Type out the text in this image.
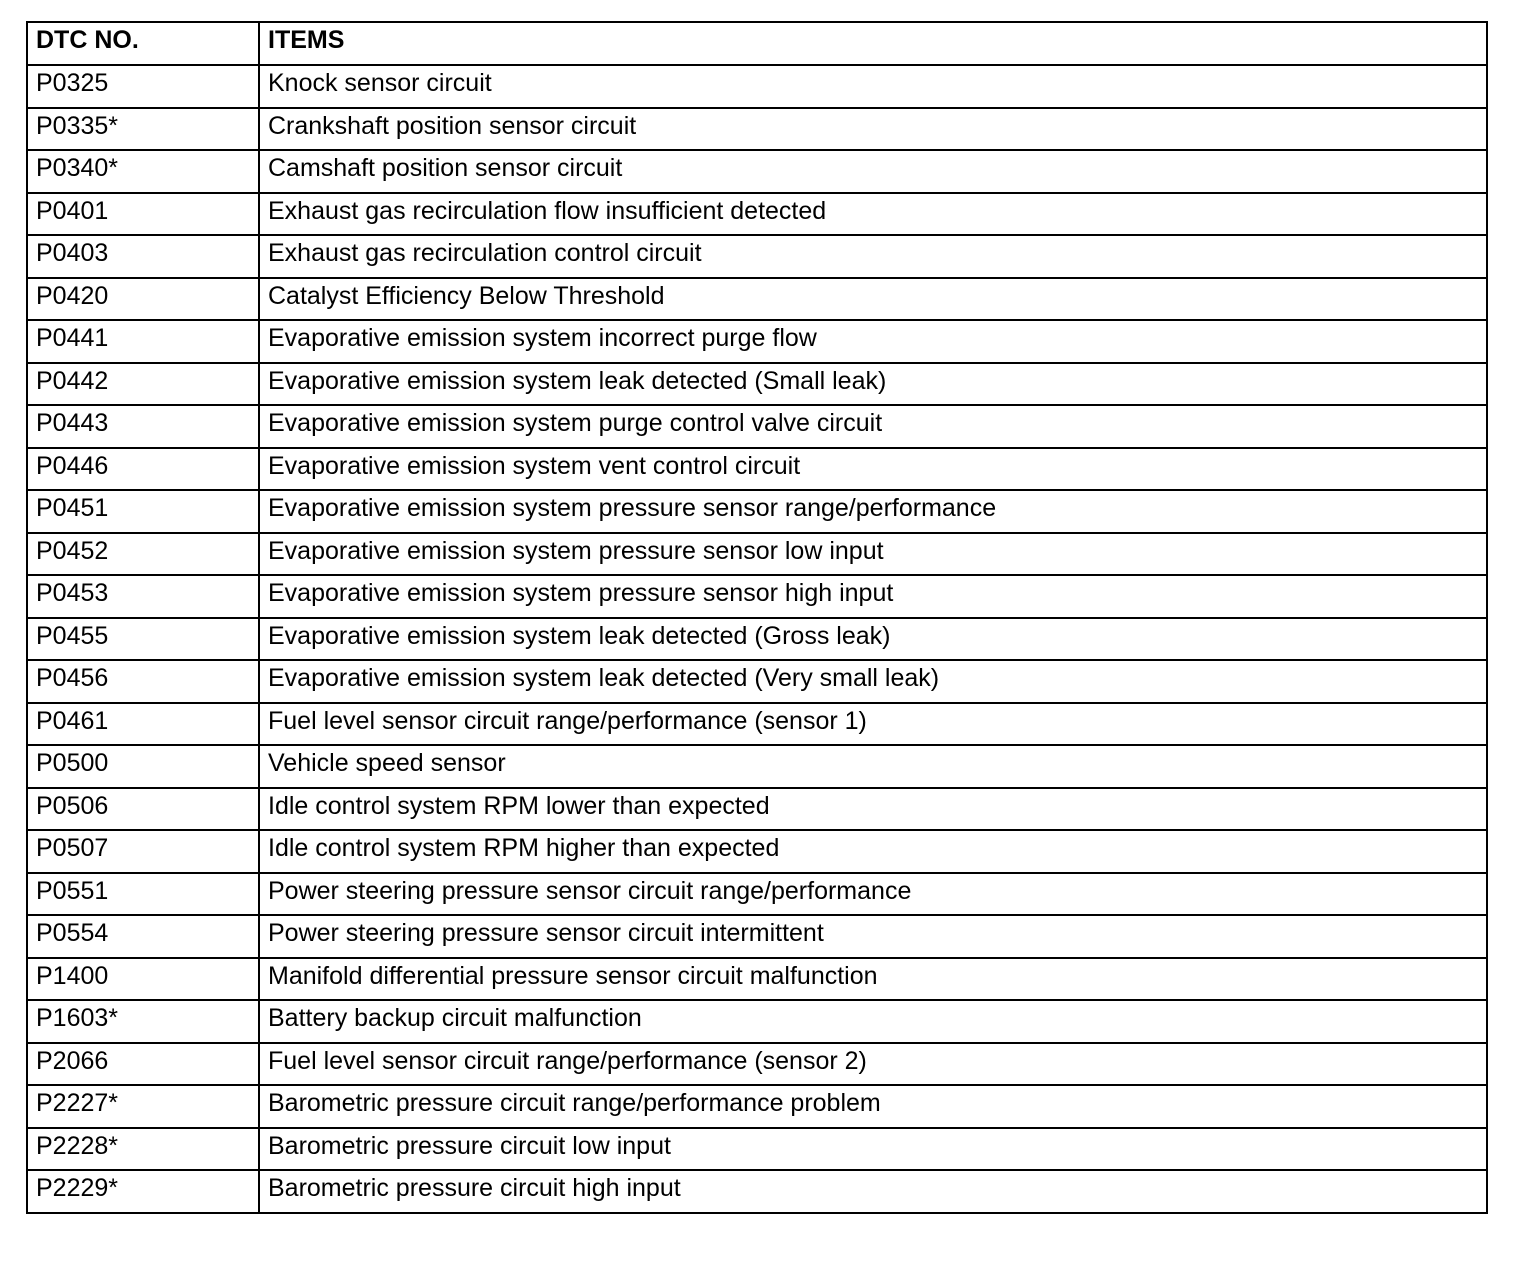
DTC NO.	ITEMS
P0325	Knock sensor circuit
P0335*	Crankshaft position sensor circuit
P0340*	Camshaft position sensor circuit
P0401	Exhaust gas recirculation flow insufficient detected
P0403	Exhaust gas recirculation control circuit
P0420	Catalyst Efficiency Below Threshold
P0441	Evaporative emission system incorrect purge flow
P0442	Evaporative emission system leak detected (Small leak)
P0443	Evaporative emission system purge control valve circuit
P0446	Evaporative emission system vent control circuit
P0451	Evaporative emission system pressure sensor range/performance
P0452	Evaporative emission system pressure sensor low input
P0453	Evaporative emission system pressure sensor high input
P0455	Evaporative emission system leak detected (Gross leak)
P0456	Evaporative emission system leak detected (Very small leak)
P0461	Fuel level sensor circuit range/performance (sensor 1)
P0500	Vehicle speed sensor
P0506	Idle control system RPM lower than expected
P0507	Idle control system RPM higher than expected
P0551	Power steering pressure sensor circuit range/performance
P0554	Power steering pressure sensor circuit intermittent
P1400	Manifold differential pressure sensor circuit malfunction
P1603*	Battery backup circuit malfunction
P2066	Fuel level sensor circuit range/performance (sensor 2)
P2227*	Barometric pressure circuit range/performance problem
P2228*	Barometric pressure circuit low input
P2229*	Barometric pressure circuit high input
